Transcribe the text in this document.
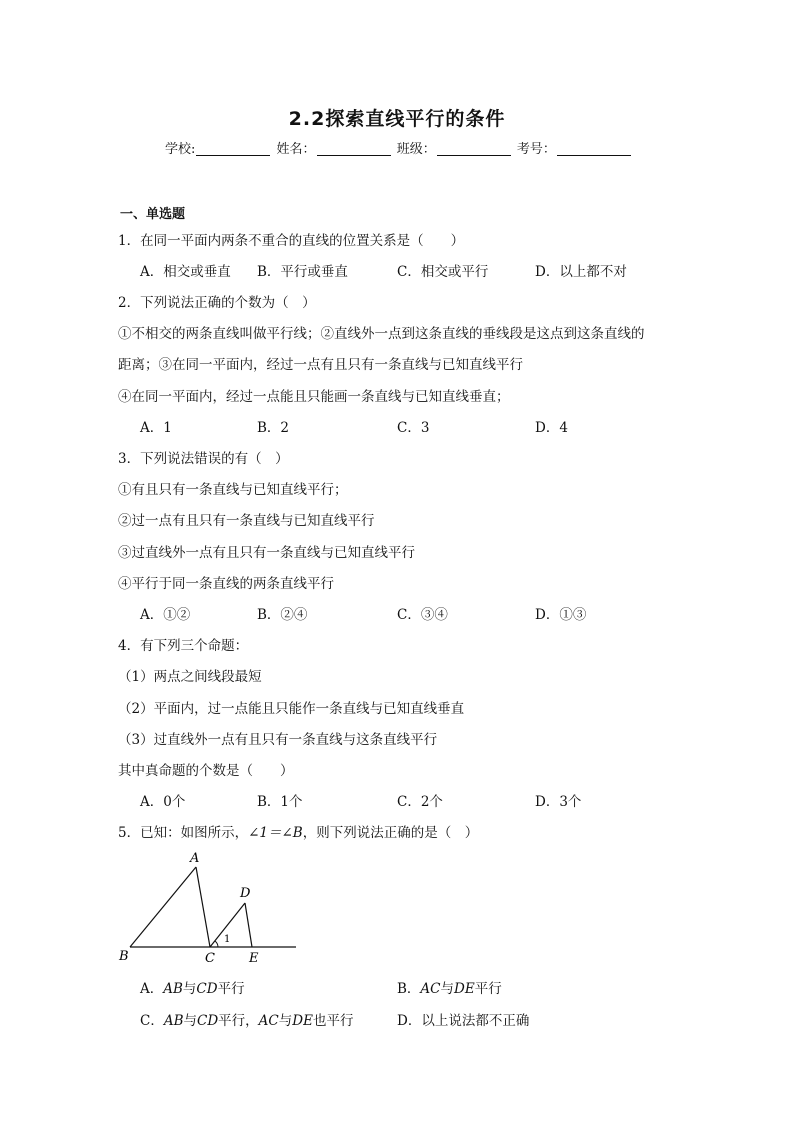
2.2探索直线平行的条件
学校:	姓名：	班级：	考号：
一、单选题
1．在同一平面内两条不重合的直线的位置关系是（　　）
A．相交或垂直 B．平行或垂直	C．相交或平行	D．以上都不对
2．下列说法正确的个数为（　）
①不相交的两条直线叫做平行线；②直线外一点到这条直线的垂线段是这点到这条直线的
距离；③在同一平面内，经过一点有且只有一条直线与已知直线平行
④在同一平面内，经过一点能且只能画一条直线与已知直线垂直；
A．1	B．2	C．3	D．4
3．下列说法错误的有（　）
①有且只有一条直线与已知直线平行；
②过一点有且只有一条直线与已知直线平行
③过直线外一点有且只有一条直线与已知直线平行
④平行于同一条直线的两条直线平行
A．①②	B．②④	C．③④	D．①③
4．有下列三个命题：
（1）两点之间线段最短
（2）平面内，过一点能且只能作一条直线与已知直线垂直
（3）过直线外一点有且只有一条直线与这条直线平行
其中真命题的个数是（　　）
A．0个	B．1个	C．2个	D．3个
5．已知：如图所示，∠1＝∠B，则下列说法正确的是（　）
A
B	C
D
E
1
A．AB与CD平行	B．AC与DE平行
C．AB与CD平行，AC与DE也平行	D．以上说法都不正确
